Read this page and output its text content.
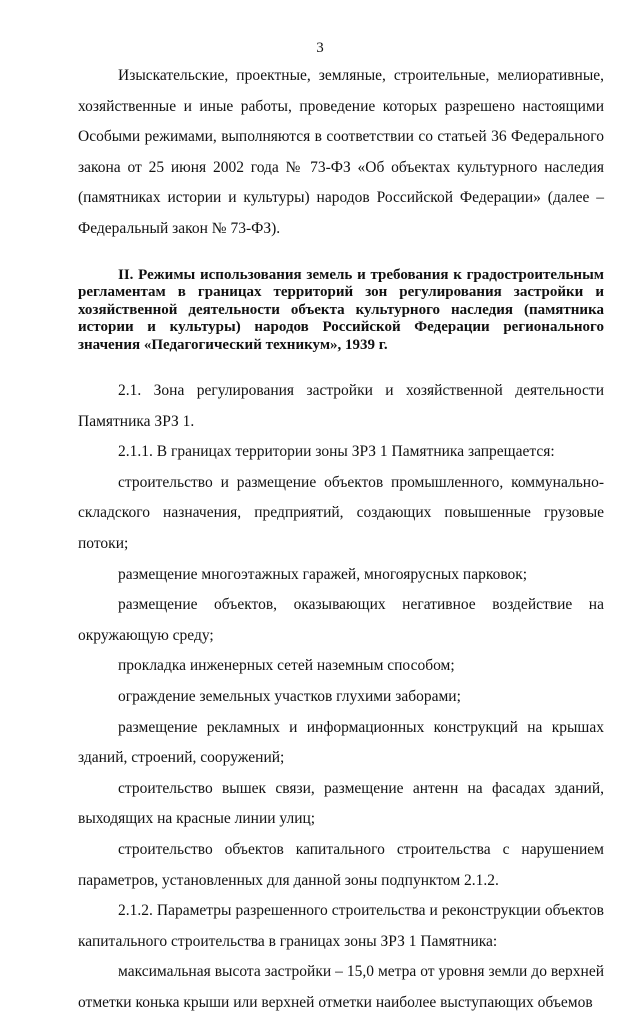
3

Изыскательские, проектные, земляные, строительные, мелиоративные, хозяйственные и иные работы, проведение которых разрешено настоящими Особыми режимами, выполняются в соответствии со статьей 36 Федерального закона от 25 июня 2002 года № 73-ФЗ «Об объектах культурного наследия (памятниках истории и культуры) народов Российской Федерации» (далее – Федеральный закон № 73-ФЗ).

II. Режимы использования земель и требования к градостроительным регламентам в границах территорий зон регулирования застройки и хозяйственной деятельности объекта культурного наследия (памятника истории и культуры) народов Российской Федерации регионального значения «Педагогический техникум», 1939 г.

2.1. Зона регулирования застройки и хозяйственной деятельности Памятника ЗРЗ 1.

2.1.1. В границах территории зоны ЗРЗ 1 Памятника запрещается:

строительство и размещение объектов промышленного, коммунально-складского назначения, предприятий, создающих повышенные грузовые потоки;

размещение многоэтажных гаражей, многоярусных парковок;

размещение объектов, оказывающих негативное воздействие на окружающую среду;

прокладка инженерных сетей наземным способом;

ограждение земельных участков глухими заборами;

размещение рекламных и информационных конструкций на крышах зданий, строений, сооружений;

строительство вышек связи, размещение антенн на фасадах зданий, выходящих на красные линии улиц;

строительство объектов капитального строительства с нарушением параметров, установленных для данной зоны подпунктом 2.1.2.

2.1.2. Параметры разрешенного строительства и реконструкции объектов капитального строительства в границах зоны ЗРЗ 1 Памятника:

максимальная высота застройки – 15,0 метра от уровня земли до верхней отметки конька крыши или верхней отметки наиболее выступающих объемов
